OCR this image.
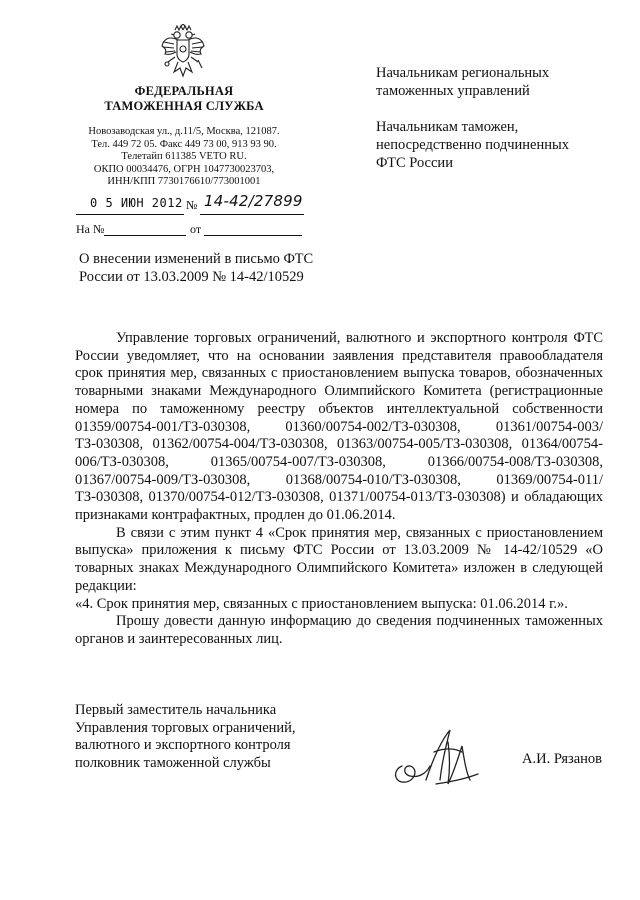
ФЕДЕРАЛЬНАЯ
ТАМОЖЕННАЯ СЛУЖБА
Новозаводская ул., д.11/5, Москва, 121087.
Тел. 449 72 05. Факс 449 73 00, 913 93 90.
Телетайп 611385 VETO RU.
ОКПО 00034476, ОГРН 1047730023703,
ИНН/КПП 7730176610/773001001
0 5 ИЮН 2012 № 14-42/27899
На №	от
О внесении изменений в письмо ФТС
России от 13.03.2009 № 14-42/10529
Начальникам региональных
таможенных управлений
Начальникам таможен,
непосредственно подчиненных
ФТС России

Управление торговых ограничений, валютного и экспортного контроля ФТС России уведомляет, что на основании заявления представителя правообладателя срок принятия мер, связанных с приостановлением выпуска товаров, обозначенных товарными знаками Международного Олимпийского Комитета (регистрационные номера по таможенному реестру объектов интеллектуальной собственности 01359/00754-001/ТЗ-030308, 01360/00754-002/ТЗ-030308, 01361/00754-003/ТЗ-030308, 01362/00754-004/ТЗ-030308, 01363/00754-005/ТЗ-030308, 01364/00754-006/ТЗ-030308, 01365/00754-007/ТЗ-030308, 01366/00754-008/ТЗ-030308, 01367/00754-009/ТЗ-030308, 01368/00754-010/ТЗ-030308, 01369/00754-011/ТЗ-030308, 01370/00754-012/ТЗ-030308, 01371/00754-013/ТЗ-030308) и обладающих признаками контрафактных, продлен до 01.06.2014.

В связи с этим пункт 4 «Срок принятия мер, связанных с приостановлением выпуска» приложения к письму ФТС России от 13.03.2009 № 14-42/10529 «О товарных знаках Международного Олимпийского Комитета» изложен в следующей редакции:

«4. Срок принятия мер, связанных с приостановлением выпуска: 01.06.2014 г.».

Прошу довести данную информацию до сведения подчиненных таможенных органов и заинтересованных лиц.

Первый заместитель начальника
Управления торговых ограничений,
валютного и экспортного контроля
полковник таможенной службы	А.И. Рязанов
